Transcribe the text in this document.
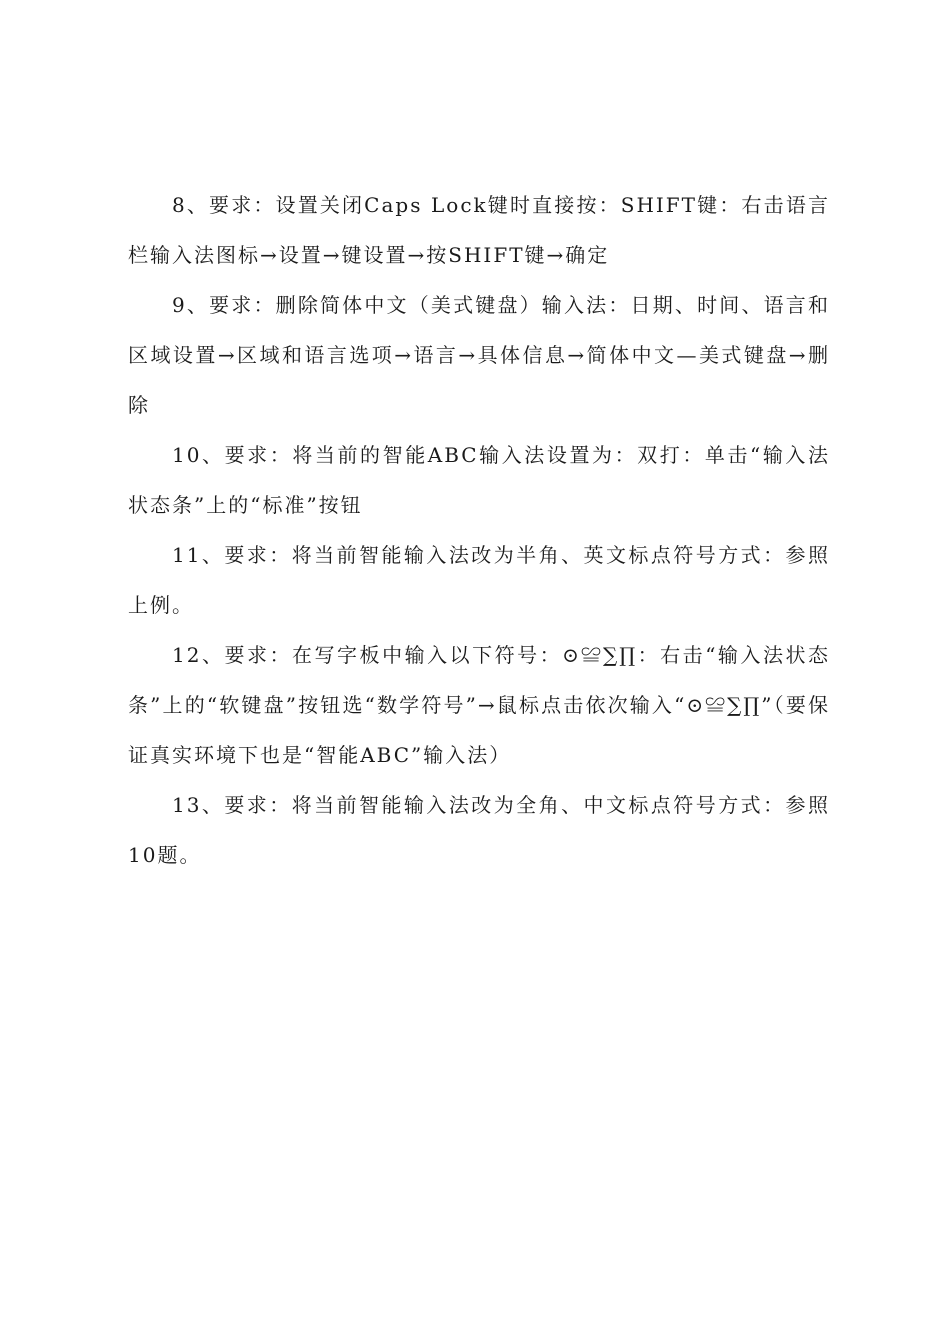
8、要求：设置关闭Caps Lock键时直接按：SHIFT键：右击语言栏输入法图标→设置→键设置→按SHIFT键→确定

9、要求：删除简体中文（美式键盘）输入法：日期、时间、语言和区域设置→区域和语言选项→语言→具体信息→简体中文—美式键盘→删除

10、要求：将当前的智能ABC输入法设置为：双打：单击“输入法状态条”上的“标准”按钮

11、要求：将当前智能输入法改为半角、英文标点符号方式：参照上例。

12、要求：在写字板中输入以下符号：⊙≌∑∏：右击“输入法状态条”上的“软键盘”按钮选“数学符号”→鼠标点击依次输入“⊙≌∑∏”（要保证真实环境下也是“智能ABC”输入法）

13、要求：将当前智能输入法改为全角、中文标点符号方式：参照10题。
